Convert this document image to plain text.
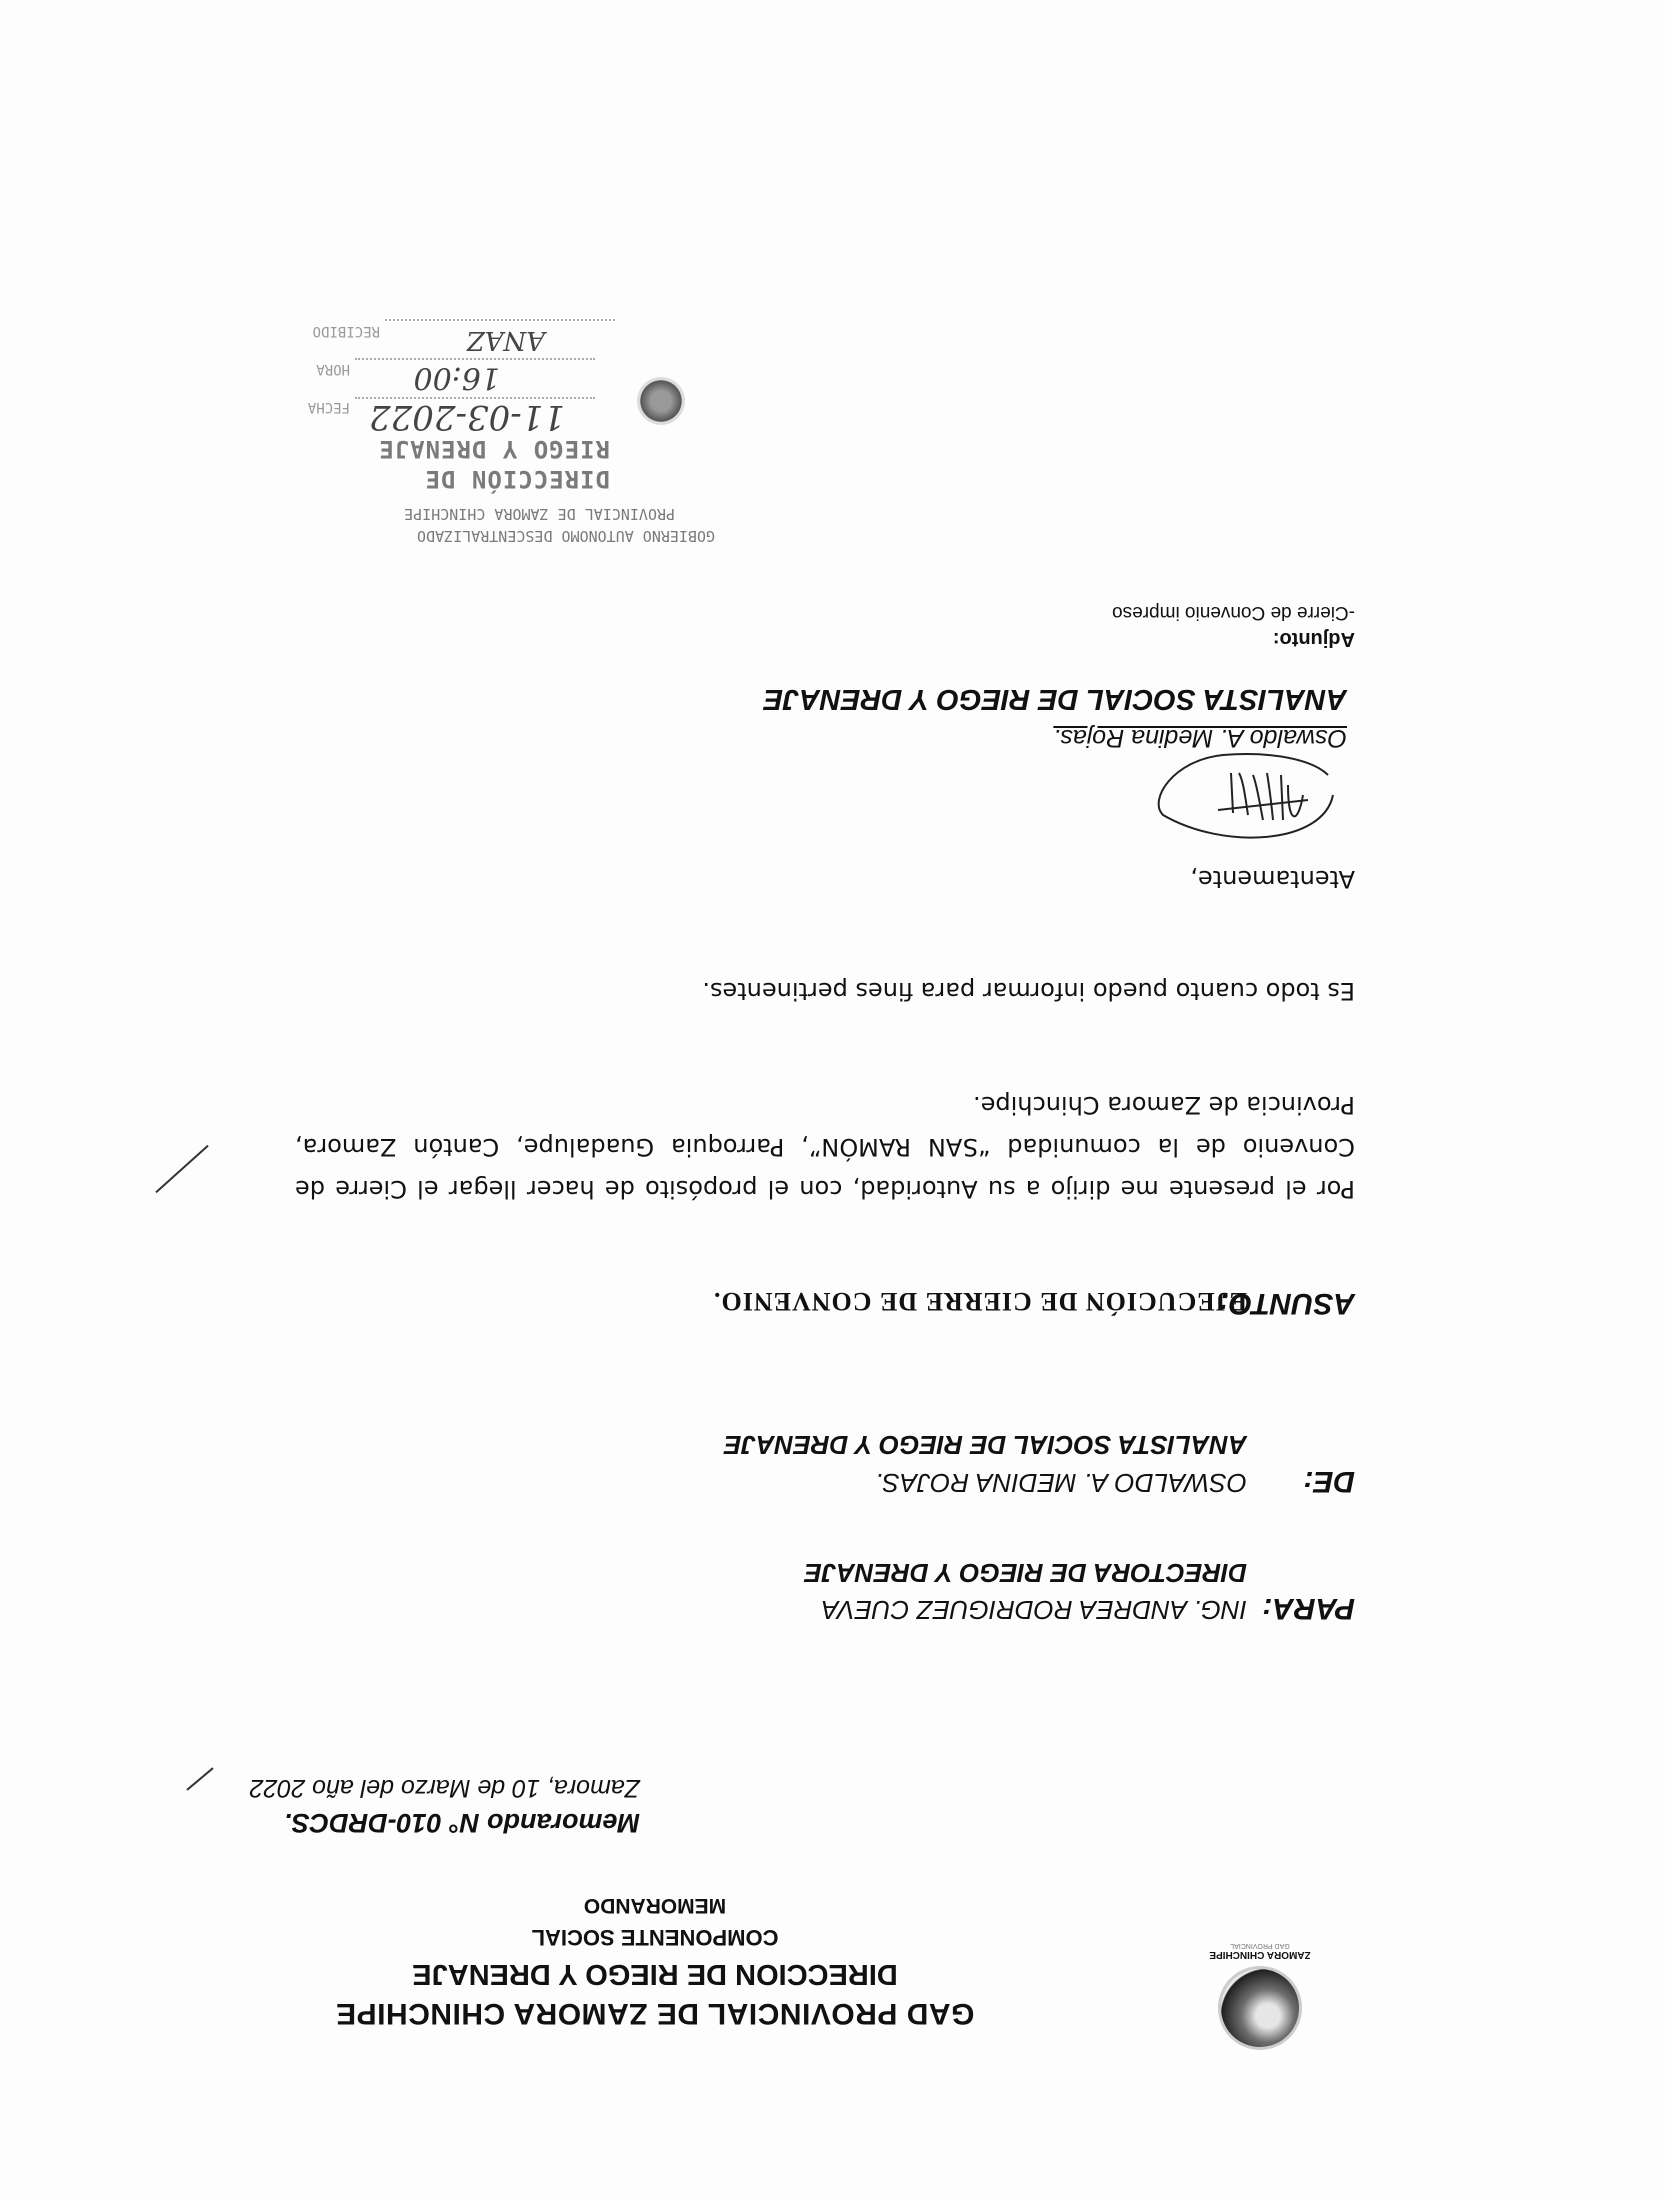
ZAMORA CHINCHIPE
GAD PROVINCIAL
GAD PROVINCIAL DE ZAMORA CHINCHIPE
DIRECCION DE RIEGO Y DRENAJE
COMPONENTE SOCIAL
MEMORANDO
Memorando N° 010-DRDCS.
Zamora, 10 de Marzo del año 2022
PARA:
ING. ANDREA RODRIGUEZ CUEVA
DIRECTORA DE RIEGO Y DRENAJE
DE:
OSWALDO A. MEDINA ROJAS.
ANALISTA SOCIAL DE RIEGO Y DRENAJE
ASUNTO:
EJECUCIÓN DE CIERRE DE CONVENIO.
Por el presente me dirijo a su Autoridad, con el propósito de hacer llegar el Cierre de Convenio de la comunidad “SAN RAMÓN”, Parroquia Guadalupe, Cantón Zamora, Provincia de Zamora Chinchipe.
Es todo cuanto puedo informar para fines pertinentes.
Atentamente,
Oswaldo A. Medina Rojas.
ANALISTA SOCIAL DE RIEGO Y DRENAJE
Adjunto:
-Cierre de Convenio impreso
GOBIERNO AUTONOMO DESCENTRALIZADO
PROVINCIAL DE ZAMORA CHINCHIPE
DIRECCIÓN DE
RIEGO Y DRENAJE
FECHA 11-03-2022
HORA 16:00
RECIBIDO	ANAZ
